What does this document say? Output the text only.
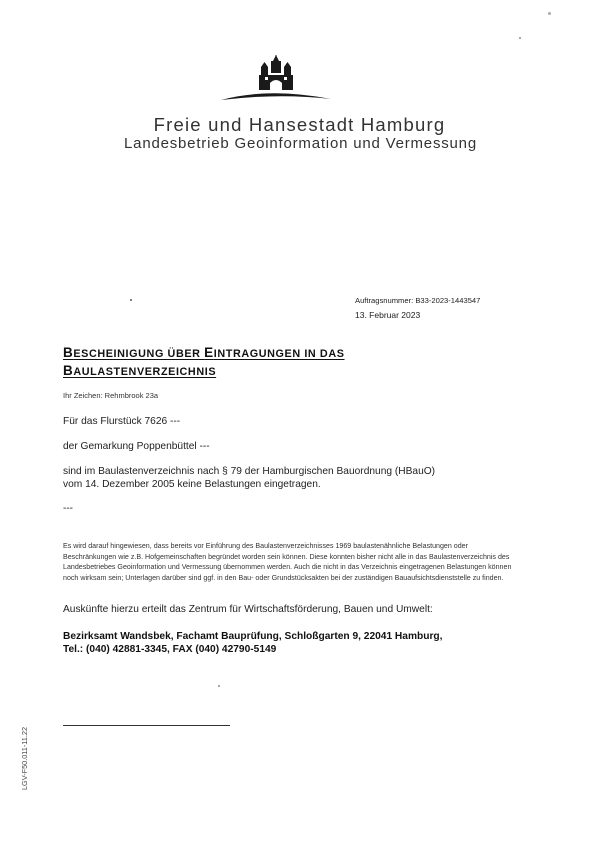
Freie und Hansestadt Hamburg
Landesbetrieb Geoinformation und Vermessung
Auftragsnummer: B33-2023-1443547
13. Februar 2023
BESCHEINIGUNG ÜBER EINTRAGUNGEN IN DAS
BAULASTENVERZEICHNIS
Ihr Zeichen: Rehmbrook 23a
Für das Flurstück 7626 ---
der Gemarkung Poppenbüttel ---
sind im Baulastenverzeichnis nach § 79 der Hamburgischen Bauordnung (HBauO)
vom 14. Dezember 2005 keine Belastungen eingetragen.
---
Es wird darauf hingewiesen, dass bereits vor Einführung des Baulastenverzeichnisses 1969 baulastenähnliche Belastungen oder Beschränkungen wie z.B. Hofgemeinschaften begründet worden sein können. Diese konnten bisher nicht alle in das Baulastenverzeichnis des Landesbetriebes Geoinformation und Vermessung übernommen werden. Auch die nicht in das Verzeichnis eingetragenen Belastungen können noch wirksam sein; Unterlagen darüber sind ggf. in den Bau- oder Grundstücksakten bei der zuständigen Bauaufsichtsdienststelle zu finden.
Auskünfte hierzu erteilt das Zentrum für Wirtschaftsförderung, Bauen und Umwelt:
Bezirksamt Wandsbek, Fachamt Bauprüfung, Schloßgarten 9, 22041 Hamburg,
Tel.: (040) 42881-3345, FAX (040) 42790-5149
LGV-F50.011-11.22
